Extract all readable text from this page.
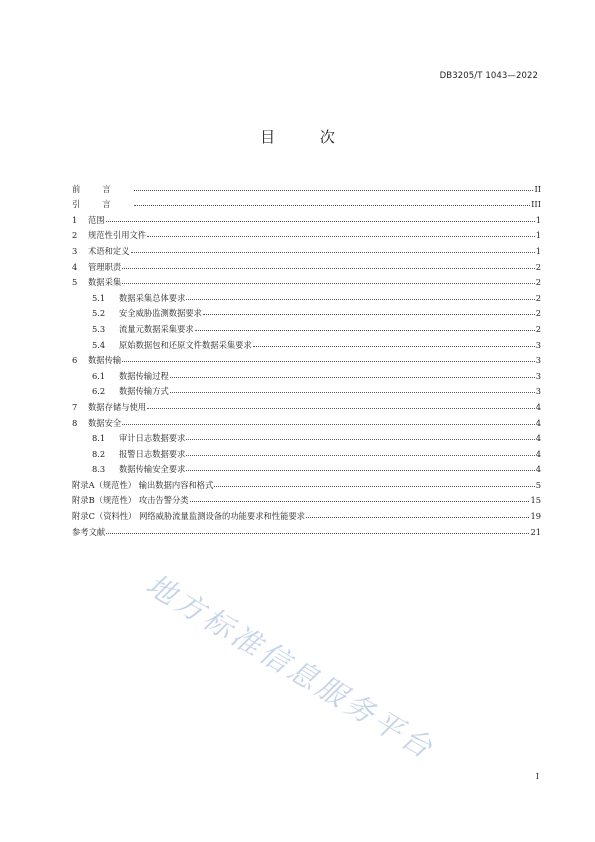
DB3205/T 1043—2022
目 次
前言	II
引言	III
1	范围	1
2	规范性引用文件	1
3	术语和定义	1
4	管理职责	2
5	数据采集	2
5.1	数据采集总体要求	2
5.2	安全威胁监测数据要求	2
5.3	流量元数据采集要求	2
5.4	原始数据包和还原文件数据采集要求	3
6	数据传输	3
6.1	数据传输过程	3
6.2	数据传输方式	3
7	数据存储与使用	4
8	数据安全	4
8.1	审计日志数据要求	4
8.2	报警日志数据要求	4
8.3	数据传输安全要求	4
附录A（规范性） 输出数据内容和格式	5
附录B（规范性） 攻击告警分类	15
附录C（资料性） 网络威胁流量监测设备的功能要求和性能要求	19
参考文献	21
I
地方标准信息服务平台
